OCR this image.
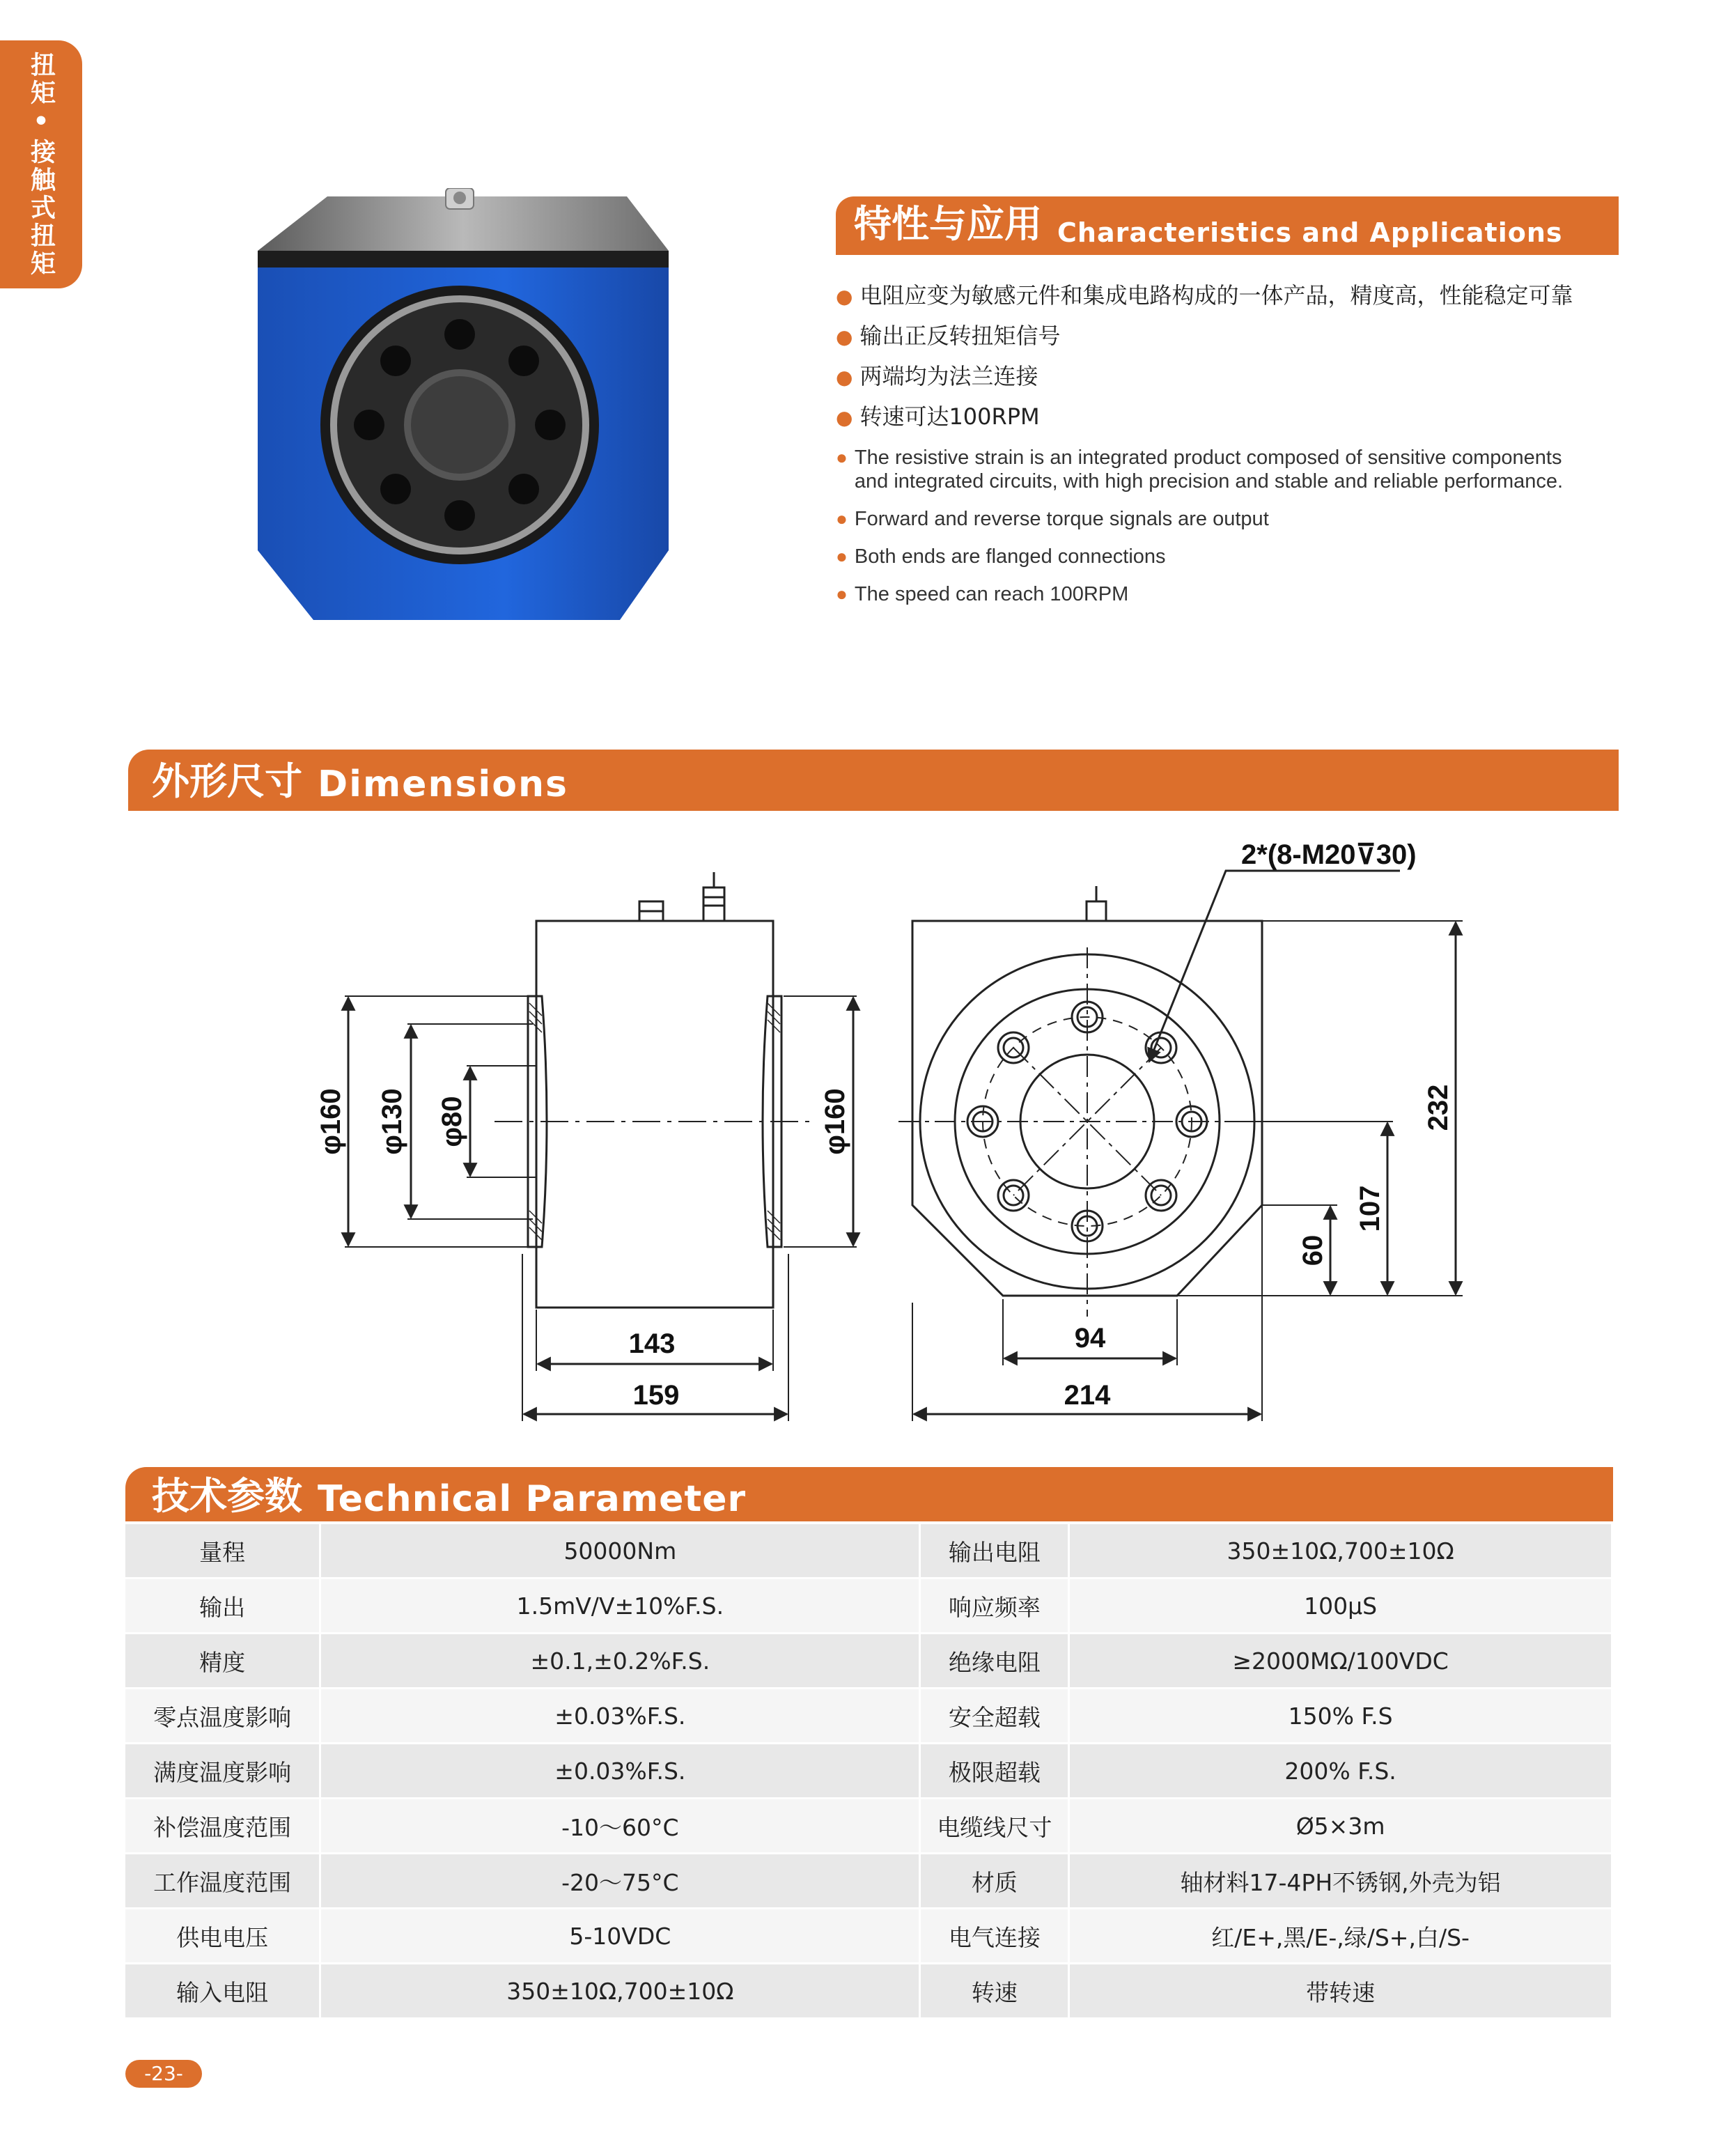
扭矩•接触式扭矩	特性与应用 Characteristics and Applications
● 电阻应变为敏感元件和集成电路构成的一体产品，精度高，性能稳定可靠
● 输出正反转扭矩信号
● 两端均为法兰连接
● 转速可达100RPM
● The resistive strain is an integrated product composed of sensitive components and integrated circuits, with high precision and stable and reliable performance.
● Forward and reverse torque signals are output
● Both ends are flanged connections
● The speed can reach 100RPM
外形尺寸 Dimensions
φ160 φ130 φ80	φ160
143
159
94
214
232
107
60
2*(8-M20⊽30)
技术参数 Technical Parameter
量程	50000Nm	输出电阻	350±10Ω,700±10Ω
输出	1.5mV/V±10%F.S.	响应频率	100μS
精度	±0.1,±0.2%F.S.	绝缘电阻	≥2000MΩ/100VDC
零点温度影响	±0.03%F.S.	安全超载	150% F.S
满度温度影响	±0.03%F.S.	极限超载	200% F.S.
补偿温度范围	-10～60°C	电缆线尺寸	Ø5×3m
工作温度范围	-20～75°C	材质	轴材料17-4PH不锈钢,外壳为铝
供电电压	5-10VDC	电气连接	红/E+,黑/E-,绿/S+,白/S-
输入电阻	350±10Ω,700±10Ω	转速	带转速
-23-
